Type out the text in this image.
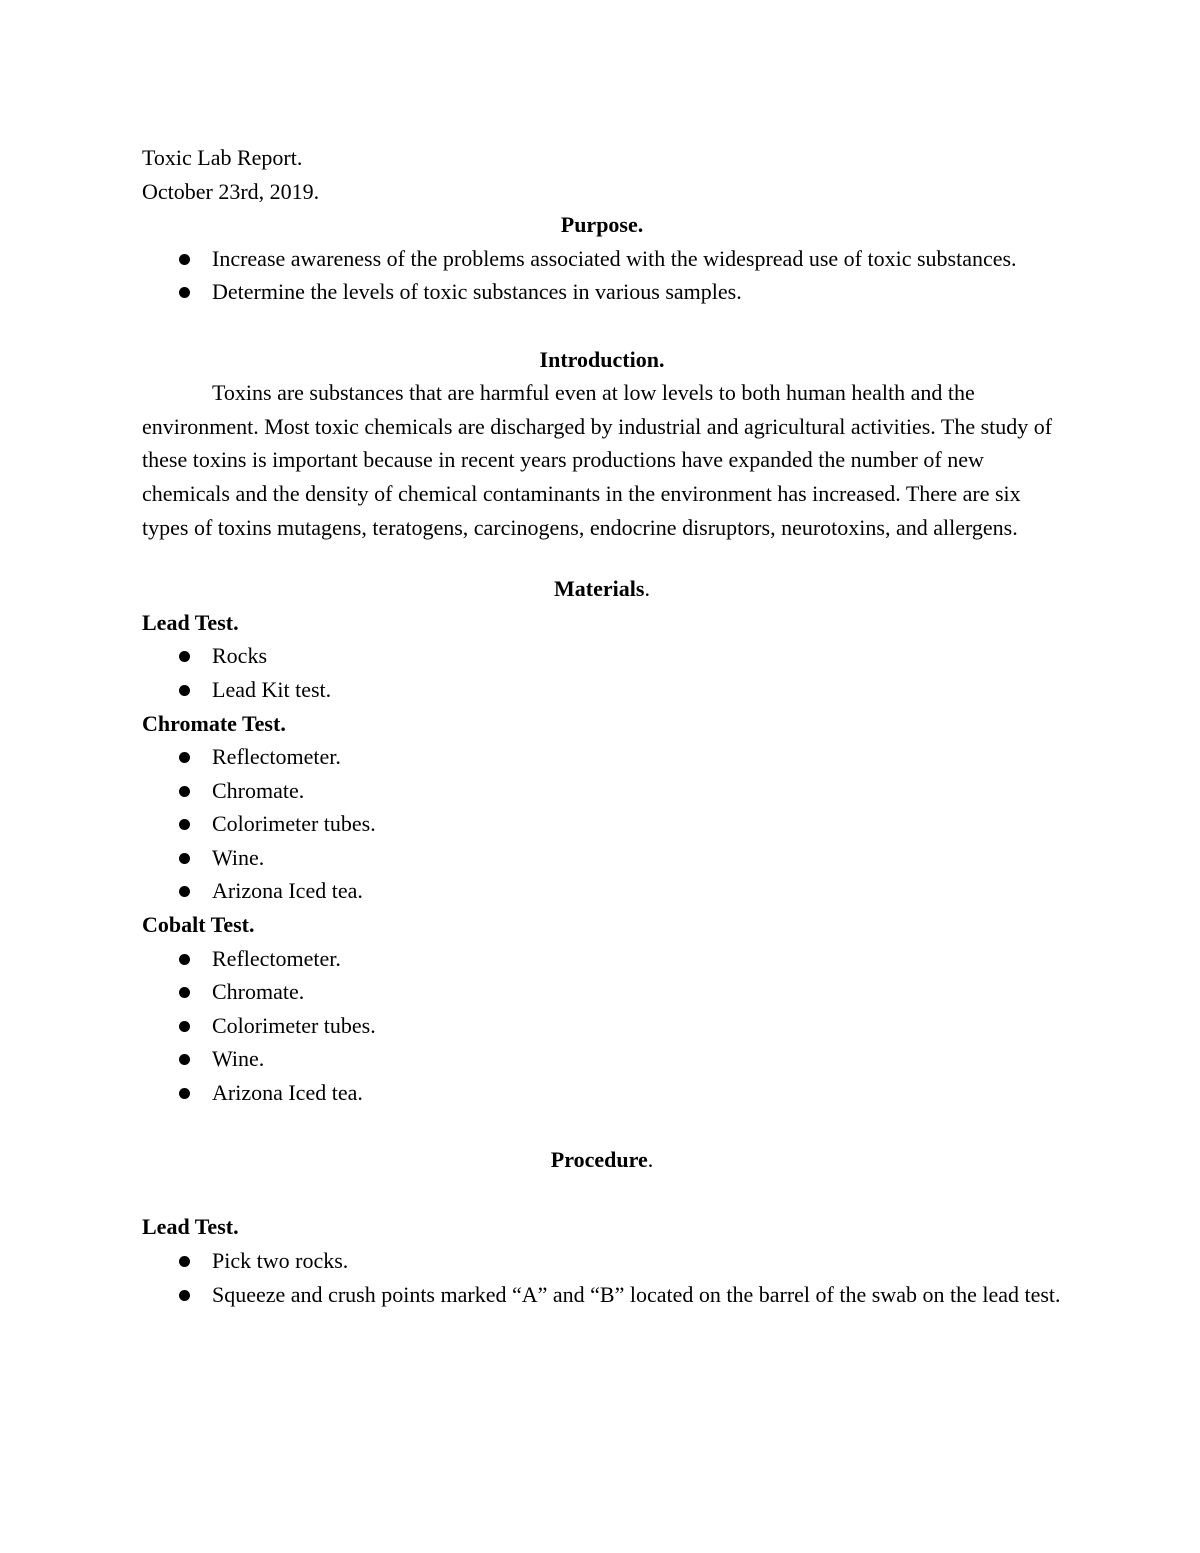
Toxic Lab Report.
October 23rd, 2019.
Purpose.
Increase awareness of the problems associated with the widespread use of toxic substances.
Determine the levels of toxic substances in various samples.
Introduction.
Toxins are substances that are harmful even at low levels to both human health and the environment. Most toxic chemicals are discharged by industrial and agricultural activities. The study of these toxins is important because in recent years productions have expanded the number of new chemicals and the density of chemical contaminants in the environment has increased. There are six types of toxins mutagens, teratogens, carcinogens, endocrine disruptors, neurotoxins, and allergens.
Materials.
Lead Test.
Rocks
Lead Kit test.
Chromate Test.
Reflectometer.
Chromate.
Colorimeter tubes.
Wine.
Arizona Iced tea.
Cobalt Test.
Reflectometer.
Chromate.
Colorimeter tubes.
Wine.
Arizona Iced tea.
Procedure.
Lead Test.
Pick two rocks.
Squeeze and crush points marked “A” and “B” located on the barrel of the swab on the lead test.
